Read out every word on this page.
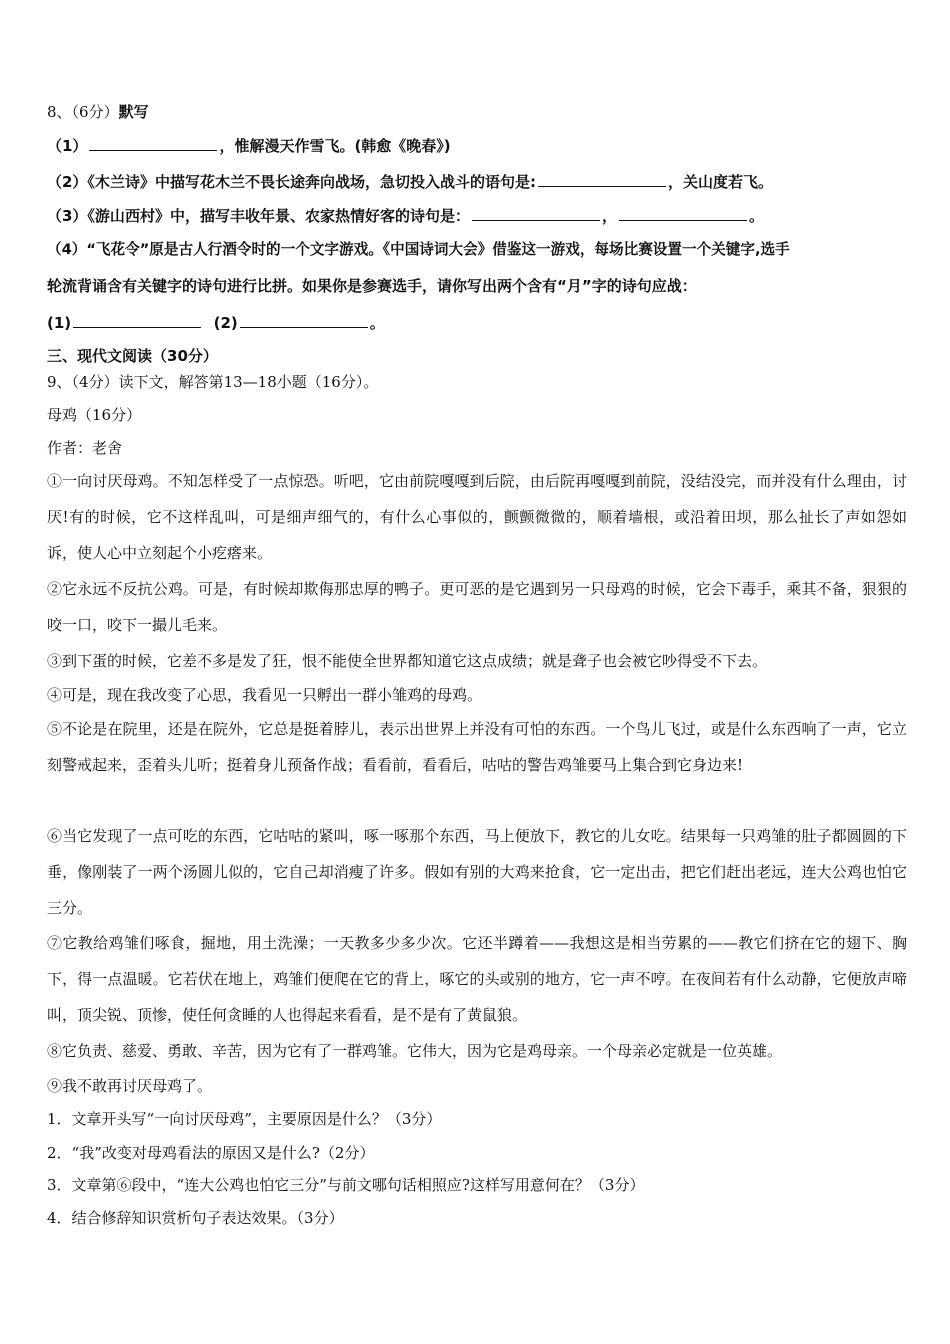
8、（6分）默写
（1）	，惟解漫天作雪飞。(韩愈《晚春》)
（2）《木兰诗》中描写花木兰不畏长途奔向战场，急切投入战斗的语句是:	，关山度若飞。
（3）《游山西村》中，描写丰收年景、农家热情好客的诗句是：	，	。
（4）“飞花令”原是古人行酒令时的一个文字游戏。《中国诗词大会》借鉴这一游戏，每场比赛设置一个关键字,选手
轮流背诵含有关键字的诗句进行比拼。如果你是参赛选手，请你写出两个含有“月”字的诗句应战：
(1)	(2)	。
三、现代文阅读（30分）
9、（4分）读下文，解答第13—18小题（16分）。
母鸡（16分）
作者：老舍
①一向讨厌母鸡。不知怎样受了一点惊恐。听吧，它由前院嘎嘎到后院，由后院再嘎嘎到前院，没结没完，而并没有什么理由，讨厌!有的时候，它不这样乱叫，可是细声细气的，有什么心事似的，颤颤微微的，顺着墙根，或沿着田坝，那么扯长了声如怨如诉，使人心中立刻起个小疙瘩来。
②它永远不反抗公鸡。可是，有时候却欺侮那忠厚的鸭子。更可恶的是它遇到另一只母鸡的时候，它会下毒手，乘其不备，狠狠的咬一口，咬下一撮儿毛来。
③到下蛋的时候，它差不多是发了狂，恨不能使全世界都知道它这点成绩；就是聋子也会被它吵得受不下去。
④可是，现在我改变了心思，我看见一只孵出一群小雏鸡的母鸡。
⑤不论是在院里，还是在院外，它总是挺着脖儿，表示出世界上并没有可怕的东西。一个鸟儿飞过，或是什么东西响了一声，它立刻警戒起来，歪着头儿听；挺着身儿预备作战；看看前，看看后，咕咕的警告鸡雏要马上集合到它身边来!
⑥当它发现了一点可吃的东西，它咕咕的紧叫，啄一啄那个东西，马上便放下，教它的儿女吃。结果每一只鸡雏的肚子都圆圆的下垂，像刚装了一两个汤圆儿似的，它自己却消瘦了许多。假如有别的大鸡来抢食，它一定出击，把它们赶出老远，连大公鸡也怕它三分。
⑦它教给鸡雏们啄食，掘地，用土洗澡；一天教多少多少次。它还半蹲着——我想这是相当劳累的——教它们挤在它的翅下、胸下，得一点温暖。它若伏在地上，鸡雏们便爬在它的背上，啄它的头或别的地方，它一声不哼。在夜间若有什么动静，它便放声啼叫，顶尖锐、顶惨，使任何贪睡的人也得起来看看，是不是有了黄鼠狼。
⑧它负责、慈爱、勇敢、辛苦，因为它有了一群鸡雏。它伟大，因为它是鸡母亲。一个母亲必定就是一位英雄。
⑨我不敢再讨厌母鸡了。
1．文章开头写“一向讨厌母鸡”，主要原因是什么？（3分）
2．“我”改变对母鸡看法的原因又是什么?（2分）
3．文章第⑥段中，“连大公鸡也怕它三分”与前文哪句话相照应?这样写用意何在？（3分）
4．结合修辞知识赏析句子表达效果。（3分）
